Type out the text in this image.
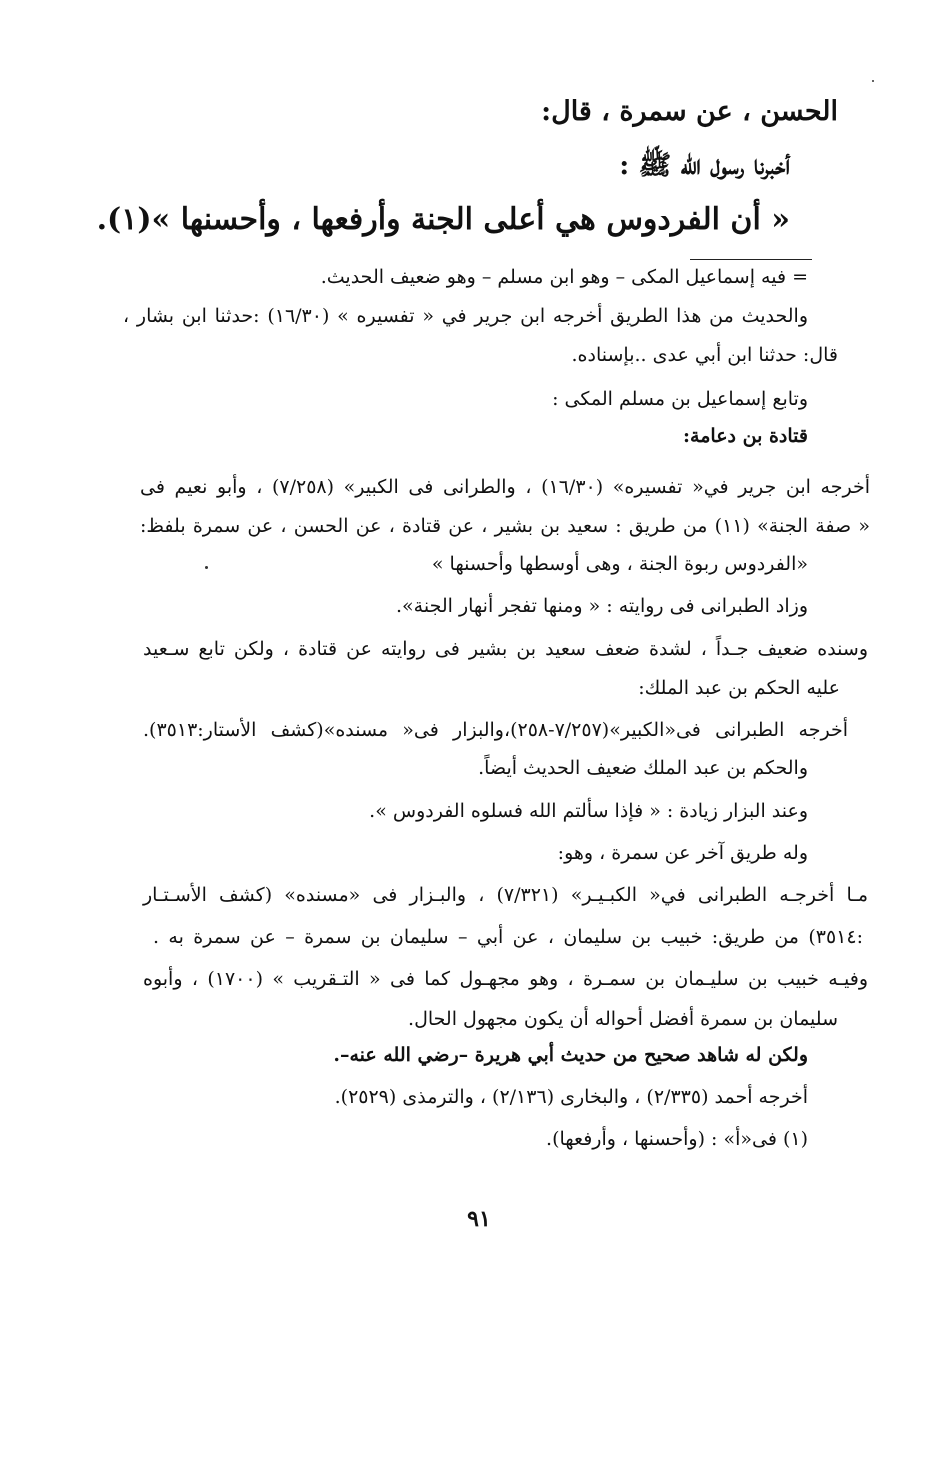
الحسن ، عن سمرة ، قال:
أخبرنا رسول الله ﷺ :
« أن الفردوس هي أعلى الجنة وأرفعها ، وأحسنها »(١).
= فيه إسماعيل المكى – وهو ابن مسلم – وهو ضعيف الحديث.
والحديث من هذا الطريق أخرجه ابن جرير في « تفسيره » (١٦/٣٠) :حدثنا ابن بشار ،
قال: حدثنا ابن أبي عدى ..بإسناده.
وتابع إسماعيل بن مسلم المكى :
قتادة بن دعامة:
أخرجه ابن جرير في« تفسيره» (١٦/٣٠) ، والطرانى فى الكبير» (٧/٢٥٨) ، وأبو نعيم فى
« صفة الجنة» (١١) من طريق : سعيد بن بشير ، عن قتادة ، عن الحسن ، عن سمرة بلفظ:
«الفردوس ربوة الجنة ، وهى أوسطها وأحسنها »
وزاد الطبرانى فى روايته : « ومنها تفجر أنهار الجنة».
وسنده ضعيف جـداً ، لشدة ضعف سعيد بن بشير فى روايته عن قتادة ، ولكن تابع سـعيد
عليه الحكم بن عبد الملك:
أخرجه الطبرانى فى«الكبير»(٧/٢٥٧-٢٥٨)،والبزار فى« مسنده»(كشف الأستار:٣٥١٣).
والحكم بن عبد الملك ضعيف الحديث أيضاً.
وعند البزار زيادة : « فإذا سألتم الله فسلوه الفردوس ».
وله طريق آخر عن سمرة ، وهو:
مـا أخرجـه الطبرانى في« الكبـيـر» (٧/٣٢١) ، والبـزار فى «مسنده» (كشف الأسـتـار
:٣٥١٤) من طريق: خبيب بن سليمان ، عن أبي – سليمان بن سمرة – عن سمرة به .
وفيـه خبيب بن سليـمان بن سمـرة ، وهو مجهـول كما فى « التـقريب » (١٧٠٠) ، وأبوه
سليمان بن سمرة أفضل أحواله أن يكون مجهول الحال.
ولكن له شاهد صحيح من حديث أبي هريرة –رضي الله عنه–.
أخرجه أحمد (٢/٣٣٥) ، والبخارى (٢/١٣٦) ، والترمذى (٢٥٢٩).
(١) فى«أ» : (وأحسنها ، وأرفعها).
٩١
